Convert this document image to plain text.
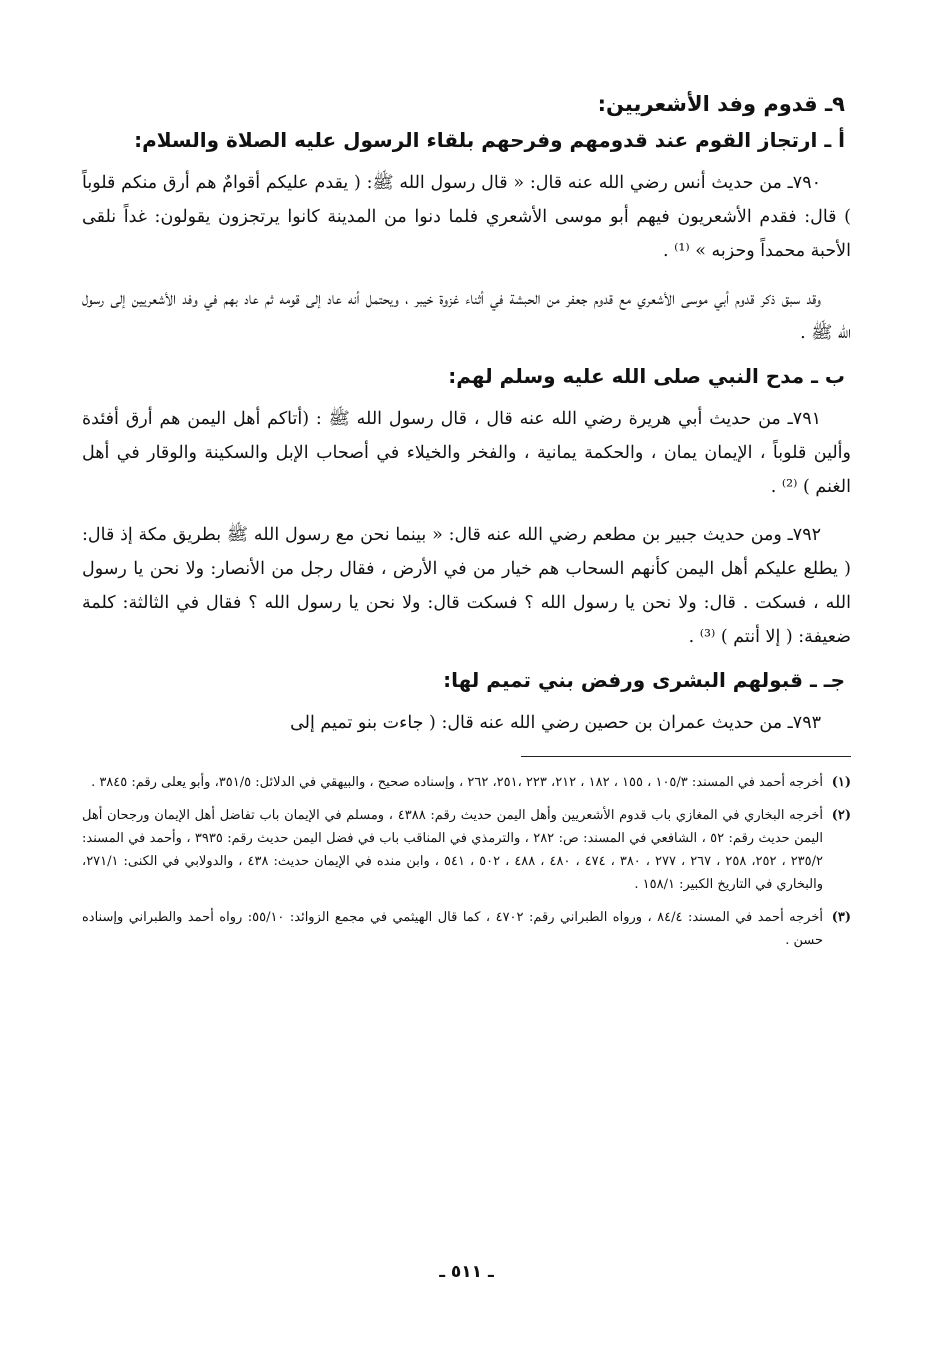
٩ـ قدوم وفد الأشعريين:
أ ـ ارتجاز القوم عند قدومهم وفرحهم بلقاء الرسول عليه الصلاة والسلام:

٧٩٠ـ من حديث أنس رضي الله عنه قال: « قال رسول الله ﷺ: ( يقدم عليكم أقوامٌ هم أرق منكم قلوباً ) قال: فقدم الأشعريون فيهم أبو موسى الأشعري فلما دنوا من المدينة كانوا يرتجزون يقولون: غداً نلقى الأحبة محمداً وحزبه » ⁽¹⁾ .

وقد سبق ذكر قدوم أبي موسى الأشعري مع قدوم جعفر من الحبشة في أثناء غزوة خيبر ، ويحتمل أنه عاد إلى قومه ثم عاد بهم في وفد الأشعريين إلى رسول الله ﷺ .

ب ـ مدح النبي صلى الله عليه وسلم لهم:

٧٩١ـ من حديث أبي هريرة رضي الله عنه قال ، قال رسول الله ﷺ : (أتاكم أهل اليمن هم أرق أفئدة وألين قلوباً ، الإيمان يمان ، والحكمة يمانية ، والفخر والخيلاء في أصحاب الإبل والسكينة والوقار في أهل الغنم ) ⁽²⁾ .

٧٩٢ـ ومن حديث جبير بن مطعم رضي الله عنه قال: « بينما نحن مع رسول الله ﷺ بطريق مكة إذ قال: ( يطلع عليكم أهل اليمن كأنهم السحاب هم خيار من في الأرض ، فقال رجل من الأنصار: ولا نحن يا رسول الله ، فسكت . قال: ولا نحن يا رسول الله ؟ فسكت قال: ولا نحن يا رسول الله ؟ فقال في الثالثة: كلمة ضعيفة: ( إلا أنتم ) ⁽³⁾ .

جـ ـ قبولهم البشرى ورفض بني تميم لها:

٧٩٣ـ من حديث عمران بن حصين رضي الله عنه قال: ( جاءت بنو تميم إلى

(١)
أخرجه أحمد في المسند: ١٠٥/٣ ، ١٥٥ ، ١٨٢ ، ٢١٢، ٢٢٣ ،٢٥١، ٢٦٢ ، وإسناده صحيح ، والبيهقي في الدلائل: ٣٥١/٥، وأبو يعلى رقم: ٣٨٤٥ .
(٢)
أخرجه البخاري في المغازي باب قدوم الأشعريين وأهل اليمن حديث رقم: ٤٣٨٨ ، ومسلم في الإيمان باب تفاضل أهل الإيمان ورجحان أهل اليمن حديث رقم: ٥٢ ، الشافعي في المسند: ص: ٢٨٢ ، والترمذي في المناقب باب في فضل اليمن حديث رقم: ٣٩٣٥ ، وأحمد في المسند: ٢٣٥/٢ ، ٢٥٢، ٢٥٨ ، ٢٦٧ ، ٢٧٧ ، ٣٨٠ ، ٤٧٤ ، ٤٨٠ ، ٤٨٨ ، ٥٠٢ ، ٥٤١ ، وابن منده في الإيمان حديث: ٤٣٨ ، والدولابي في الكنى: ٢٧١/١، والبخاري في التاريخ الكبير: ١٥٨/١ .
(٣)
أخرجه أحمد في المسند: ٨٤/٤ ، ورواه الطبراني رقم: ٤٧٠٢ ، كما قال الهيثمي في مجمع الزوائد: ٥٥/١٠: رواه أحمد والطبراني وإسناده حسن .
ـ ٥١١ ـ
